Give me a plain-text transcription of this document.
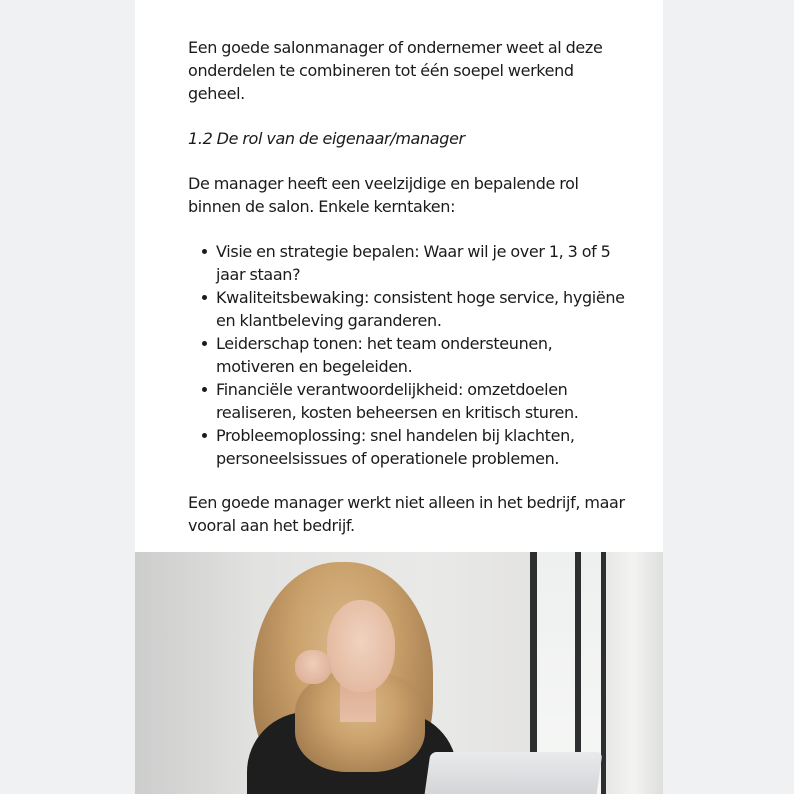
Een goede salonmanager of ondernemer weet al deze onderdelen te combineren tot één soepel werkend geheel.

1.2 De rol van de eigenaar/manager

De manager heeft een veelzijdige en bepalende rol binnen de salon. Enkele kerntaken:

Visie en strategie bepalen: Waar wil je over 1, 3 of 5 jaar staan?
Kwaliteitsbewaking: consistent hoge service, hygiëne en klantbeleving garanderen.
Leiderschap tonen: het team ondersteunen, motiveren en begeleiden.
Financiële verantwoordelijkheid: omzetdoelen realiseren, kosten beheersen en kritisch sturen.
Probleemoplossing: snel handelen bij klachten, personeelsissues of operationele problemen.

Een goede manager werkt niet alleen in het bedrijf, maar vooral aan het bedrijf.
